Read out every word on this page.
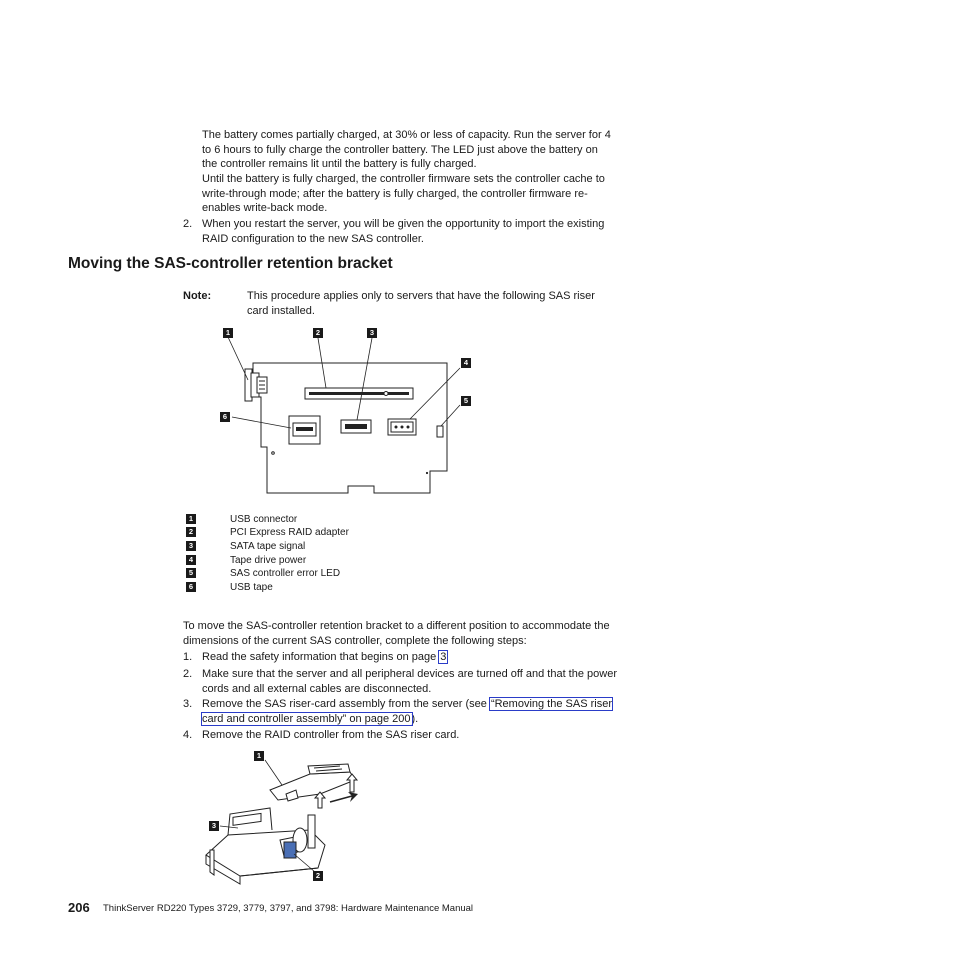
The battery comes partially charged, at 30% or less of capacity. Run the server for 4 to 6 hours to fully charge the controller battery. The LED just above the battery on the controller remains lit until the battery is fully charged.
Until the battery is fully charged, the controller firmware sets the controller cache to write-through mode; after the battery is fully charged, the controller firmware re-enables write-back mode.
2. When you restart the server, you will be given the opportunity to import the existing RAID configuration to the new SAS controller.
Moving the SAS-controller retention bracket
Note:	This procedure applies only to servers that have the following SAS riser card installed.
1	2	3
4
5
6
1	USB connector
2	PCI Express RAID adapter
3	SATA tape signal
4	Tape drive power
5	SAS controller error LED
6	USB tape
To move the SAS-controller retention bracket to a different position to accommodate the dimensions of the current SAS controller, complete the following steps:
1. Read the safety information that begins on page 3
2. Make sure that the server and all peripheral devices are turned off and that the power cords and all external cables are disconnected.
3. Remove the SAS riser-card assembly from the server (see “Removing the SAS riser card and controller assembly” on page 200).
4. Remove the RAID controller from the SAS riser card.
1
3
2
206 ThinkServer RD220 Types 3729, 3779, 3797, and 3798: Hardware Maintenance Manual
